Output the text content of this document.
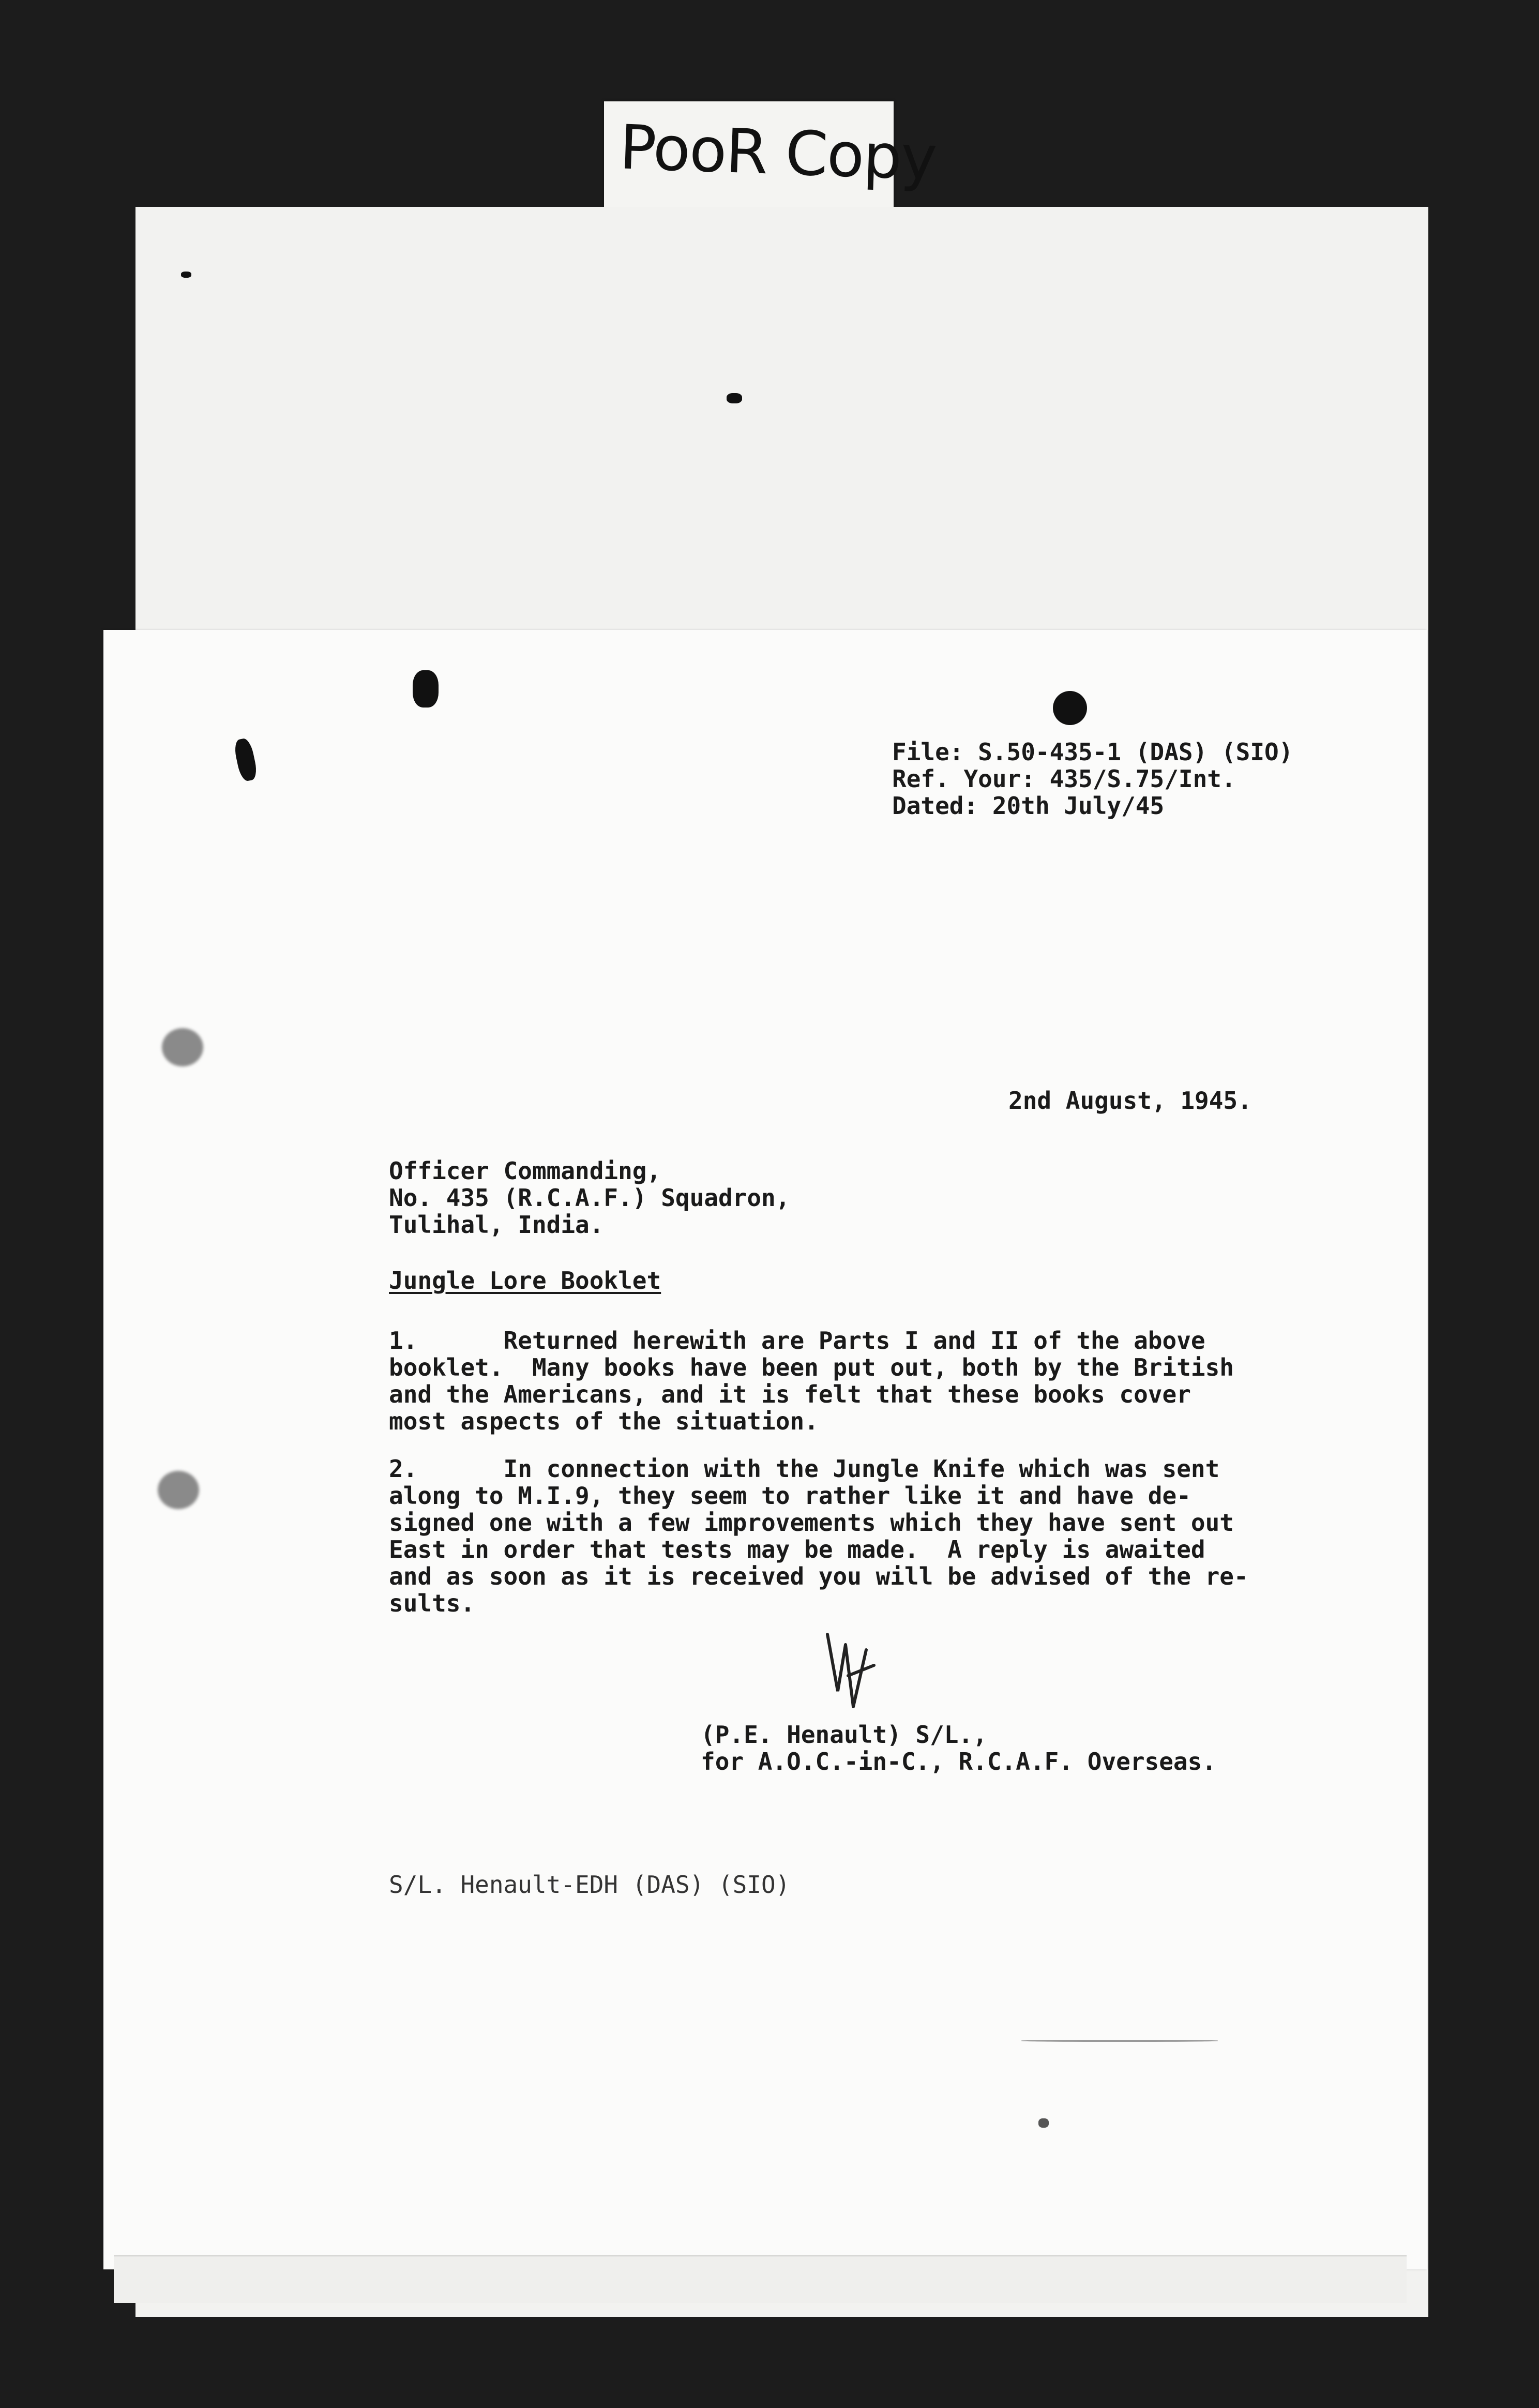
PooR Copy
File: S.50-435-1 (DAS) (SIO)
Ref. Your: 435/S.75/Int.
Dated: 20th July/45
2nd August, 1945.
Officer Commanding,
No. 435 (R.C.A.F.) Squadron,
Tulihal, India.
Jungle Lore Booklet
1.      Returned herewith are Parts I and II of the above
booklet.  Many books have been put out, both by the British
and the Americans, and it is felt that these books cover
most aspects of the situation.
2.      In connection with the Jungle Knife which was sent
along to M.I.9, they seem to rather like it and have de-
signed one with a few improvements which they have sent out
East in order that tests may be made.  A reply is awaited
and as soon as it is received you will be advised of the re-
sults.
(P.E. Henault) S/L.,
for A.O.C.-in-C., R.C.A.F. Overseas.
S/L. Henault-EDH (DAS) (SIO)
